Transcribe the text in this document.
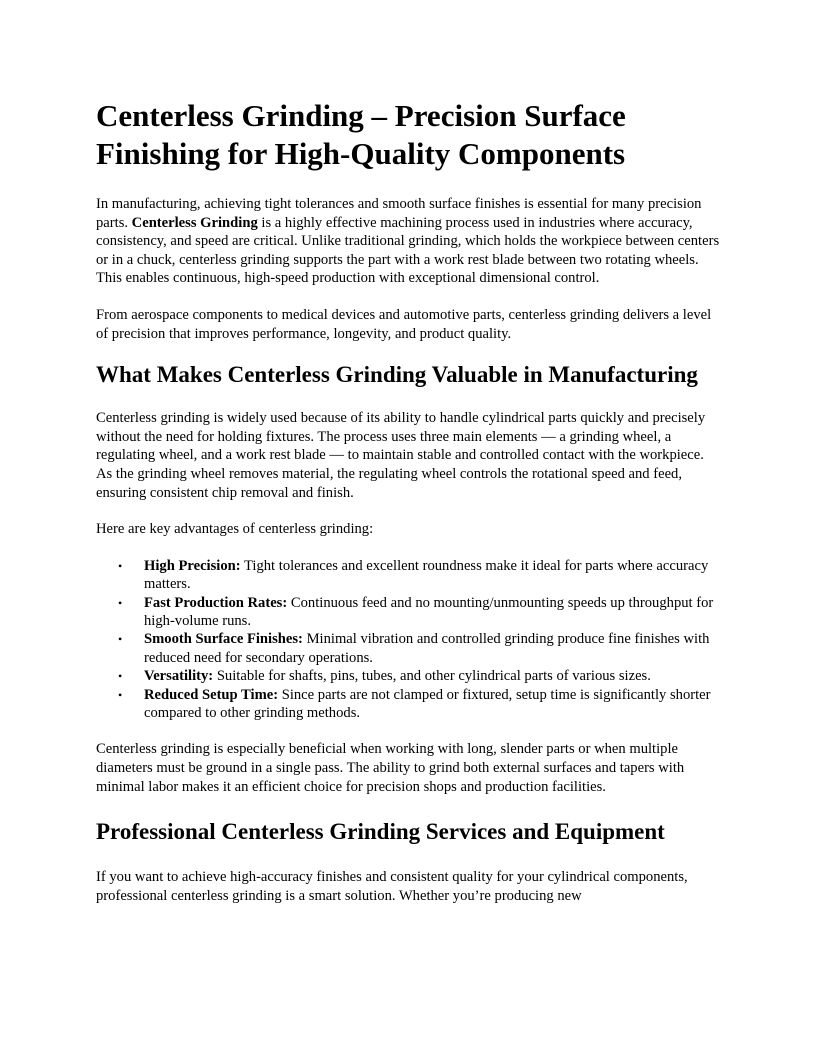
Centerless Grinding – Precision Surface Finishing for High-Quality Components

In manufacturing, achieving tight tolerances and smooth surface finishes is essential for many precision parts. Centerless Grinding is a highly effective machining process used in industries where accuracy, consistency, and speed are critical. Unlike traditional grinding, which holds the workpiece between centers or in a chuck, centerless grinding supports the part with a work rest blade between two rotating wheels. This enables continuous, high-speed production with exceptional dimensional control.

From aerospace components to medical devices and automotive parts, centerless grinding delivers a level of precision that improves performance, longevity, and product quality.

What Makes Centerless Grinding Valuable in Manufacturing

Centerless grinding is widely used because of its ability to handle cylindrical parts quickly and precisely without the need for holding fixtures. The process uses three main elements — a grinding wheel, a regulating wheel, and a work rest blade — to maintain stable and controlled contact with the workpiece. As the grinding wheel removes material, the regulating wheel controls the rotational speed and feed, ensuring consistent chip removal and finish.

Here are key advantages of centerless grinding:

• High Precision: Tight tolerances and excellent roundness make it ideal for parts where accuracy matters.
• Fast Production Rates: Continuous feed and no mounting/unmounting speeds up throughput for high-volume runs.
• Smooth Surface Finishes: Minimal vibration and controlled grinding produce fine finishes with reduced need for secondary operations.
• Versatility: Suitable for shafts, pins, tubes, and other cylindrical parts of various sizes.
• Reduced Setup Time: Since parts are not clamped or fixtured, setup time is significantly shorter compared to other grinding methods.

Centerless grinding is especially beneficial when working with long, slender parts or when multiple diameters must be ground in a single pass. The ability to grind both external surfaces and tapers with minimal labor makes it an efficient choice for precision shops and production facilities.

Professional Centerless Grinding Services and Equipment

If you want to achieve high-accuracy finishes and consistent quality for your cylindrical components, professional centerless grinding is a smart solution. Whether you’re producing new
